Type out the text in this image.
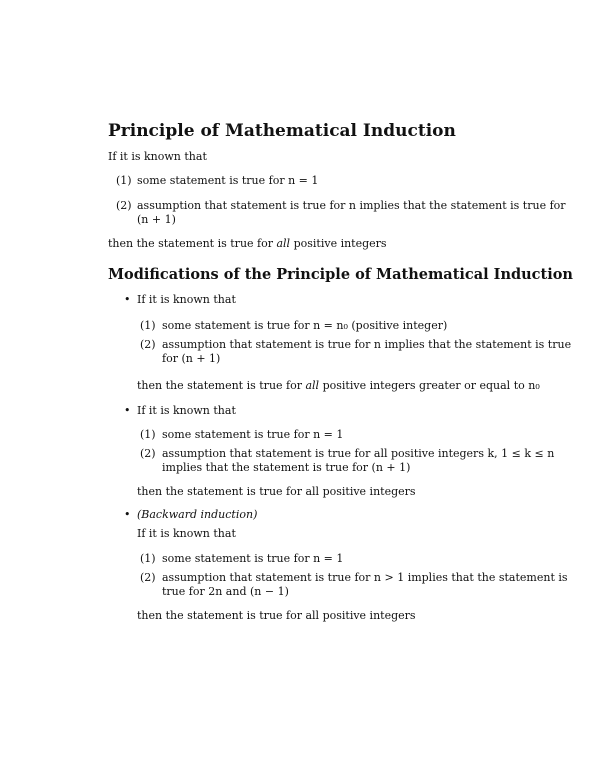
Principle of Mathematical Induction
If it is known that
(1) some statement is true for n = 1
(2) assumption that statement is true for n implies that the statement is true for
(n + 1)
then the statement is true for all positive integers
Modifications of the Principle of Mathematical Induction
• If it is known that
(1) some statement is true for n = n₀ (positive integer)
(2) assumption that statement is true for n implies that the statement is true
for (n + 1)
then the statement is true for all positive integers greater or equal to n₀
• If it is known that
(1) some statement is true for n = 1
(2) assumption that statement is true for all positive integers k, 1 ≤ k ≤ n
implies that the statement is true for (n + 1)
then the statement is true for all positive integers
• (Backward induction)
If it is known that
(1) some statement is true for n = 1
(2) assumption that statement is true for n > 1 implies that the statement is
true for 2n and (n − 1)
then the statement is true for all positive integers
